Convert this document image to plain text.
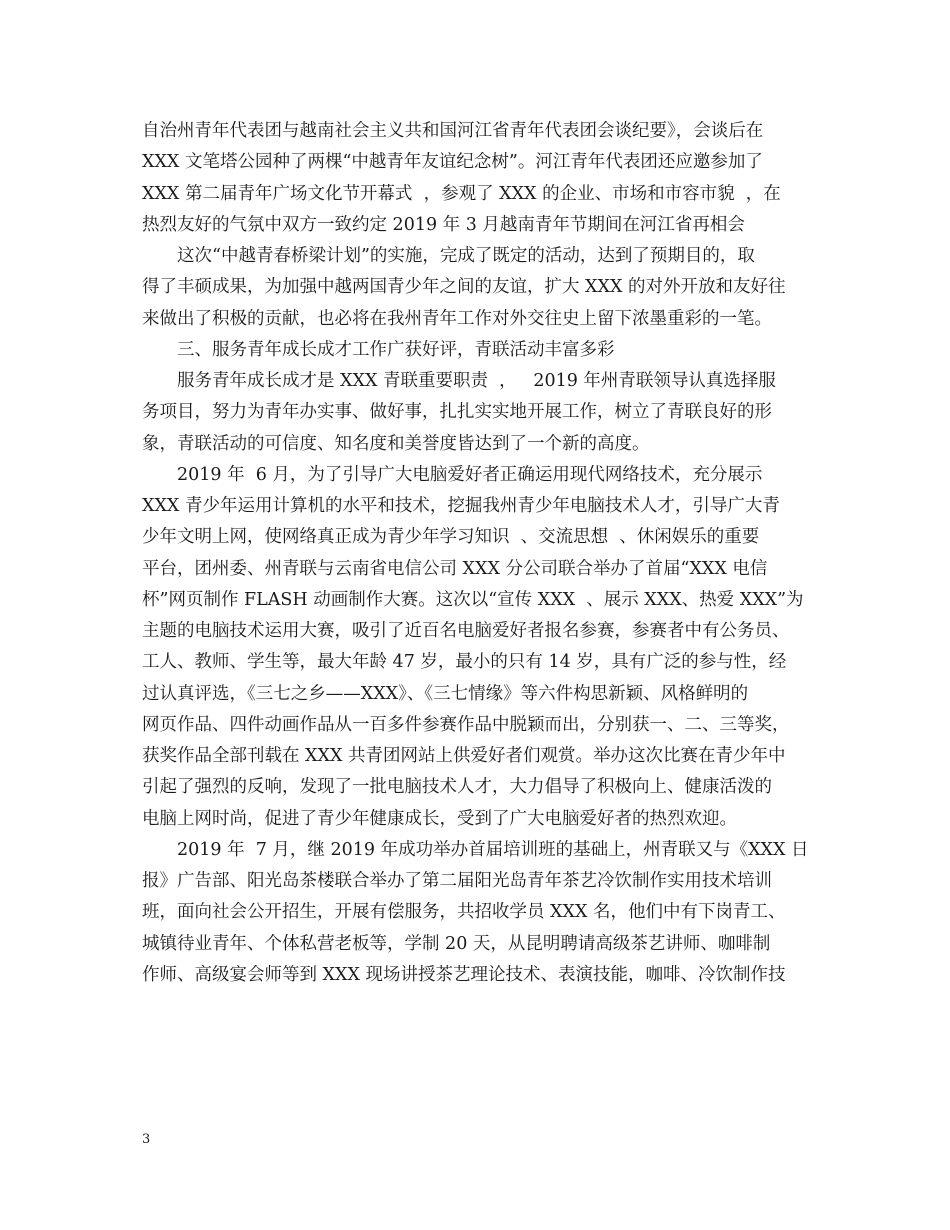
自治州青年代表团与越南社会主义共和国河江省青年代表团会谈纪要》，会谈后在
XXX 文笔塔公园种了两棵“中越青年友谊纪念树”。河江青年代表团还应邀参加了
XXX 第二届青年广场文化节开幕式  ，参观了 XXX 的企业、市场和市容市貌  ，在
热烈友好的气氛中双方一致约定 2019 年 3 月越南青年节期间在河江省再相会
　　这次“中越青春桥梁计划”的实施，完成了既定的活动，达到了预期目的，取
得了丰硕成果，为加强中越两国青少年之间的友谊，扩大 XXX 的对外开放和友好往
来做出了积极的贡献，也必将在我州青年工作对外交往史上留下浓墨重彩的一笔。
　　三、服务青年成长成才工作广获好评，青联活动丰富多彩
　　服务青年成长成才是 XXX 青联重要职责  ，   2019 年州青联领导认真选择服
务项目，努力为青年办实事、做好事，扎扎实实地开展工作，树立了青联良好的形
象，青联活动的可信度、知名度和美誉度皆达到了一个新的高度。
　　2019 年  6 月，为了引导广大电脑爱好者正确运用现代网络技术，充分展示
XXX 青少年运用计算机的水平和技术，挖掘我州青少年电脑技术人才，引导广大青
少年文明上网，使网络真正成为青少年学习知识  、交流思想  、休闲娱乐的重要
平台，团州委、州青联与云南省电信公司 XXX 分公司联合举办了首届“XXX 电信
杯”网页制作 FLASH 动画制作大赛。这次以“宣传 XXX  、展示 XXX、热爱 XXX”为
主题的电脑技术运用大赛，吸引了近百名电脑爱好者报名参赛，参赛者中有公务员、
工人、教师、学生等，最大年龄 47 岁，最小的只有 14 岁，具有广泛的参与性，经
过认真评选，《三七之乡——XXX》、《三七情缘》等六件构思新颖、风格鲜明的
网页作品、四件动画作品从一百多件参赛作品中脱颖而出，分别获一、二、三等奖，
获奖作品全部刊载在 XXX 共青团网站上供爱好者们观赏。举办这次比赛在青少年中
引起了强烈的反响，发现了一批电脑技术人才，大力倡导了积极向上、健康活泼的
电脑上网时尚，促进了青少年健康成长，受到了广大电脑爱好者的热烈欢迎。
　　2019 年  7 月，继 2019 年成功举办首届培训班的基础上，州青联又与《XXX 日
报》广告部、阳光岛茶楼联合举办了第二届阳光岛青年茶艺冷饮制作实用技术培训
班，面向社会公开招生，开展有偿服务，共招收学员 XXX 名，他们中有下岗青工、
城镇待业青年、个体私营老板等，学制 20 天，从昆明聘请高级茶艺讲师、咖啡制
作师、高级宴会师等到 XXX 现场讲授茶艺理论技术、表演技能，咖啡、冷饮制作技
3
